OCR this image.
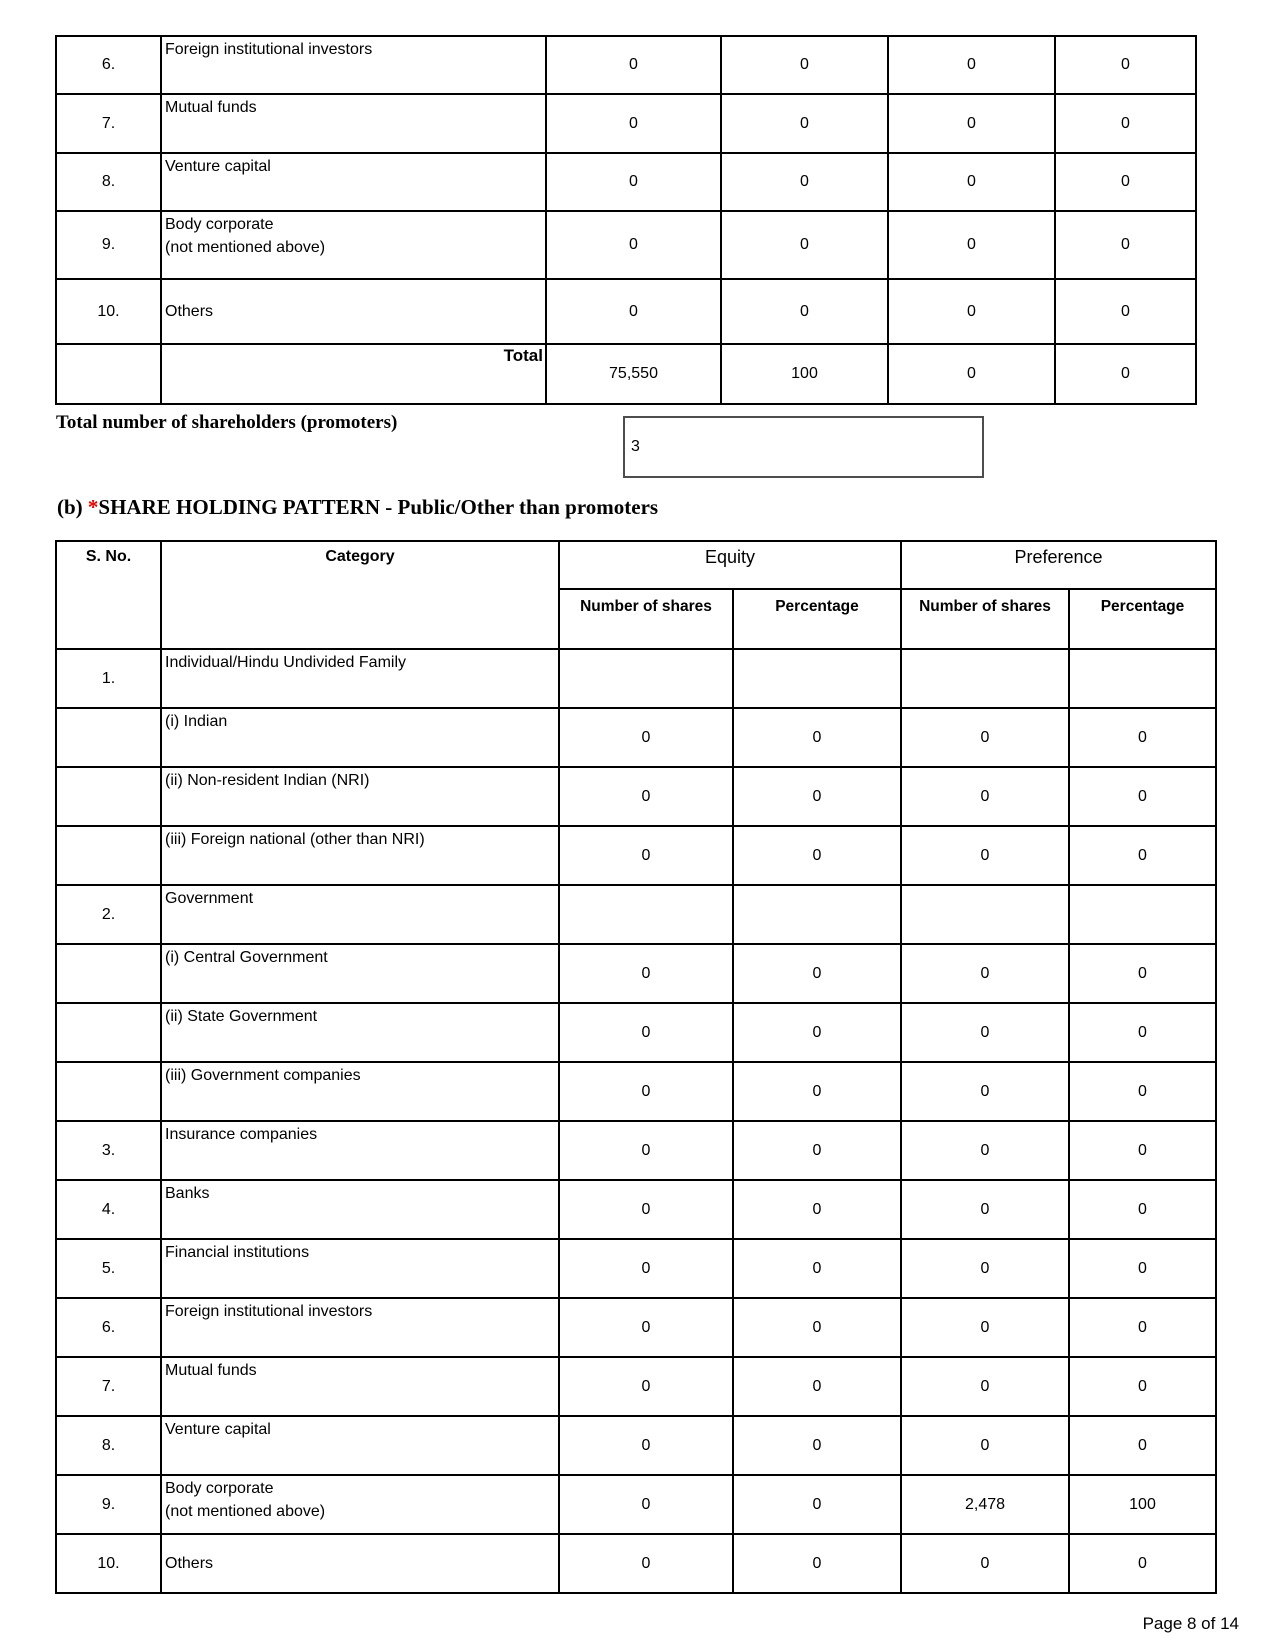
6.	Foreign institutional investors	0	0	0	0
7.	Mutual funds	0	0	0	0
8.	Venture capital	0	0	0	0
9.	Body corporate
(not mentioned above)	0	0	0	0
10.	Others	0	0	0	0
	Total	75,550	100	0	0
Total number of shareholders (promoters)
3
(b) *SHARE HOLDING PATTERN - Public/Other than promoters
S. No.	Category	Equity		Preference	
		Number of shares	Percentage	Number of shares	Percentage
1.	Individual/Hindu Undivided Family				

	(i) Indian	0	0	0	0

	(ii) Non-resident Indian (NRI)	0	0	0	0

	(iii) Foreign national (other than NRI)	0	0	0	0
2.	Government				

	(i) Central Government	0	0	0	0

	(ii) State Government	0	0	0	0

	(iii) Government companies	0	0	0	0
3.	Insurance companies	0	0	0	0
4.	Banks	0	0	0	0
5.	Financial institutions	0	0	0	0
6.	Foreign institutional investors	0	0	0	0
7.	Mutual funds	0	0	0	0
8.	Venture capital	0	0	0	0
9.	Body corporate
(not mentioned above)	0	0	2,478	100
10.	Others	0	0	0	0
Page 8 of 14
